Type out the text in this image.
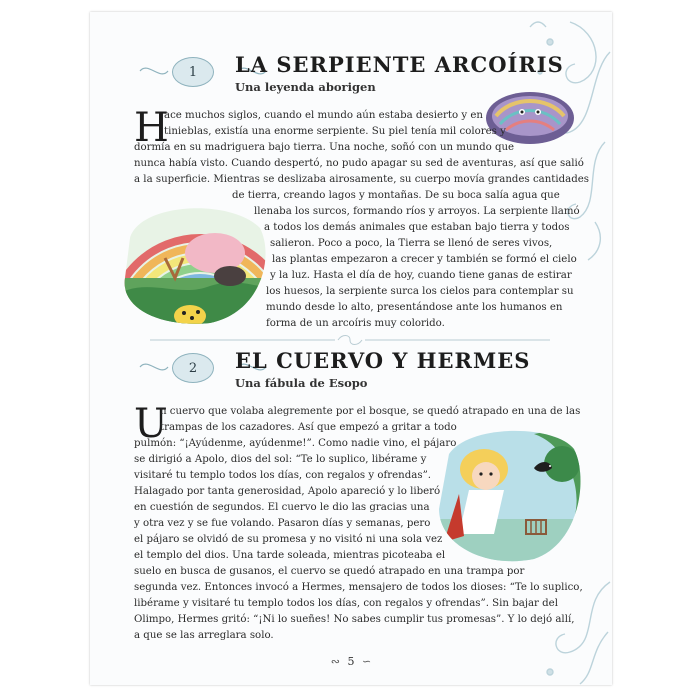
1 LA SERPIENTE ARCOÍRIS
Una leyenda aborigen
H
ace muchos siglos, cuando el mundo aún estaba desierto y en
tinieblas, existía una enorme serpiente. Su piel tenía mil colores y
dormía en su madriguera bajo tierra. Una noche, soñó con un mundo que
nunca había visto. Cuando despertó, no pudo apagar su sed de aventuras, así que salió
a la superficie. Mientras se deslizaba airosamente, su cuerpo movía grandes cantidades
de tierra, creando lagos y montañas. De su boca salía agua que
llenaba los surcos, formando ríos y arroyos. La serpiente llamó
a todos los demás animales que estaban bajo tierra y todos
salieron. Poco a poco, la Tierra se llenó de seres vivos,
las plantas empezaron a crecer y también se formó el cielo
y la luz. Hasta el día de hoy, cuando tiene ganas de estirar
los huesos, la serpiente surca los cielos para contemplar su
mundo desde lo alto, presentándose ante los humanos en
forma de un arcoíris muy colorido.
2 EL CUERVO Y HERMES
Una fábula de Esopo
U
n cuervo que volaba alegremente por el bosque, se quedó atrapado en una de las
trampas de los cazadores. Así que empezó a gritar a todo
pulmón: “¡Ayúdenme, ayúdenme!”. Como nadie vino, el pájaro
se dirigió a Apolo, dios del sol: “Te lo suplico, libérame y
visitaré tu templo todos los días, con regalos y ofrendas”.
Halagado por tanta generosidad, Apolo apareció y lo liberó
en cuestión de segundos. El cuervo le dio las gracias una
y otra vez y se fue volando. Pasaron días y semanas, pero
el pájaro se olvidó de su promesa y no visitó ni una sola vez
el templo del dios. Una tarde soleada, mientras picoteaba el
suelo en busca de gusanos, el cuervo se quedó atrapado en una trampa por
segunda vez. Entonces invocó a Hermes, mensajero de todos los dioses: “Te lo suplico,
libérame y visitaré tu templo todos los días, con regalos y ofrendas”. Sin bajar del
Olimpo, Hermes gritó: “¡Ni lo sueñes! No sabes cumplir tus promesas”. Y lo dejó allí,
a que se las arreglara solo.
∾ 5 ∽
